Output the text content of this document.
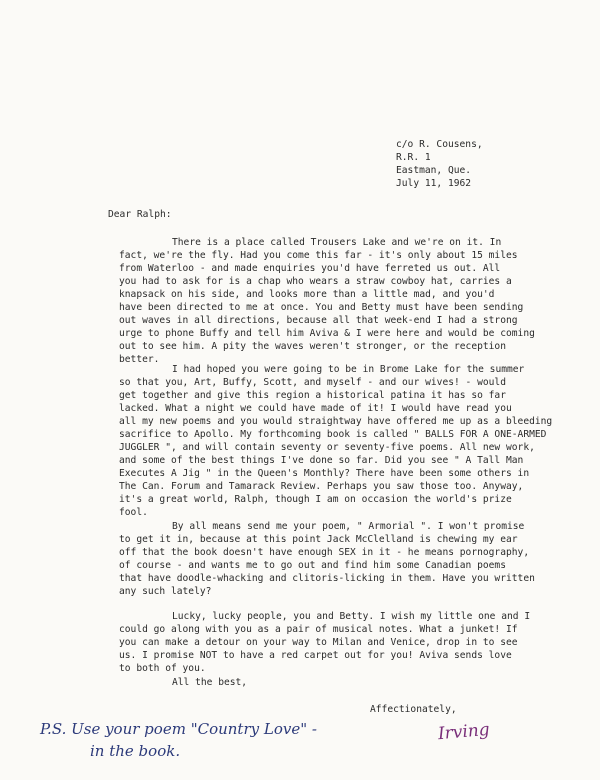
c/o R. Cousens,
R.R. 1
Eastman, Que.
July 11, 1962
Dear Ralph:
There is a place called Trousers Lake and we're on it. In
fact, we're the fly. Had you come this far - it's only about 15 miles
from Waterloo - and made enquiries you'd have ferreted us out. All
you had to ask for is a chap who wears a straw cowboy hat, carries a
knapsack on his side, and looks more than a little mad, and you'd
have been directed to me at once. You and Betty must have been sending
out waves in all directions, because all that week-end I had a strong
urge to phone Buffy and tell him Aviva & I were here and would be coming
out to see him. A pity the waves weren't stronger, or the reception
better.
I had hoped you were going to be in Brome Lake for the summer
so that you, Art, Buffy, Scott, and myself - and our wives! - would
get together and give this region a historical patina it has so far
lacked. What a night we could have made of it! I would have read you
all my new poems and you would straightway have offered me up as a bleeding
sacrifice to Apollo. My forthcoming book is called " BALLS FOR A ONE-ARMED
JUGGLER ", and will contain seventy or seventy-five poems. All new work,
and some of the best things I've done so far. Did you see " A Tall Man
Executes A Jig " in the Queen's Monthly? There have been some others in
The Can. Forum and Tamarack Review. Perhaps you saw those too. Anyway,
it's a great world, Ralph, though I am on occasion the world's prize
fool.
By all means send me your poem, " Armorial ". I won't promise
to get it in, because at this point Jack McClelland is chewing my ear
off that the book doesn't have enough SEX in it - he means pornography,
of course - and wants me to go out and find him some Canadian poems
that have doodle-whacking and clitoris-licking in them. Have you written
any such lately?
Lucky, lucky people, you and Betty. I wish my little one and I
could go along with you as a pair of musical notes. What a junket! If
you can make a detour on your way to Milan and Venice, drop in to see
us. I promise NOT to have a red carpet out for you! Aviva sends love
to both of you.
All the best,
Affectionately,
P.S. Use your poem "Country Love" -
in the book.
Irving
